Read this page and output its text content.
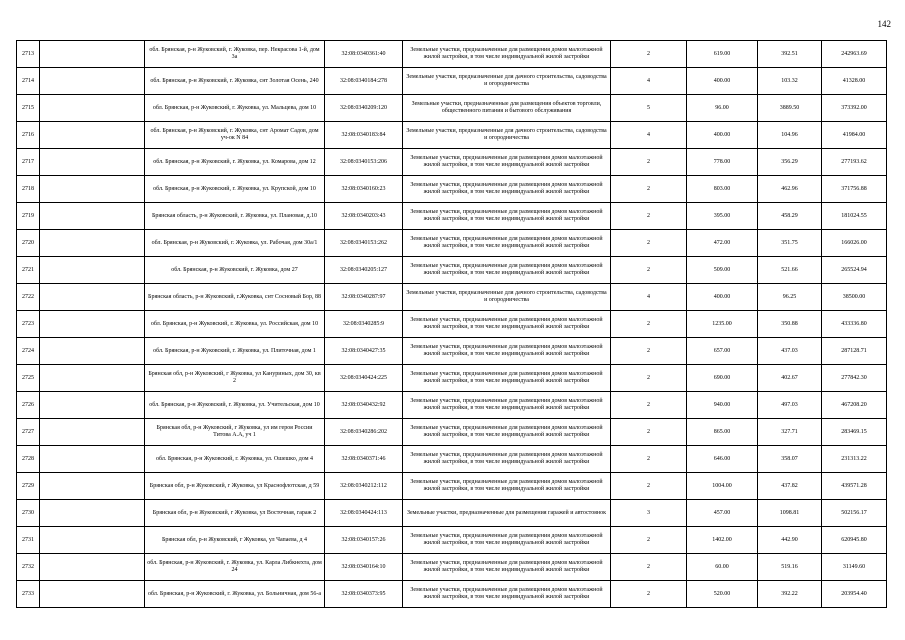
142
2713		обл. Брянская, р-н Жуковский, г. Жуковка, пер. Некрасова 1-й, дом 3а	32:08:0340361:40	Земельные участки, предназначенные для размещения домов малоэтажной жилой застройки, в том числе индивидуальной жилой застройки	2	619.00	392.51	242963.69
2714		обл. Брянская, р-н Жуковский, г. Жуковка, снт Золотая Осень, 240	32:08:0340184:278	Земельные участки, предназначенные для дачного строительства, садоводства и огородничества	4	400.00	103.32	41328.00
2715		обл. Брянская, р-н Жуковский, г. Жуковка, ул. Мальцева, дом 10	32:08:0340209:120	Земельные участки, предназначенные для размещения объектов торговли, общественного питания и бытового обслуживания	5	96.00	3889.50	373392.00
2716		обл. Брянская, р-н Жуковский, г. Жуковка, снт Аромат Садов, дом уч-ок N 84	32:08:0340183:84	Земельные участки, предназначенные для дачного строительства, садоводства и огородничества	4	400.00	104.96	41984.00
2717		обл. Брянская, р-н Жуковский, г. Жуковка, ул. Комарова, дом 12	32:08:0340153:206	Земельные участки, предназначенные для размещения домов малоэтажной жилой застройки, в том числе индивидуальной жилой застройки	2	778.00	356.29	277193.62
2718		обл. Брянская, р-н Жуковский, г. Жуковка, ул. Крупской, дом 10	32:08:0340160:23	Земельные участки, предназначенные для размещения домов малоэтажной жилой застройки, в том числе индивидуальной жилой застройки	2	803.00	462.96	371756.88
2719		Брянская область, р-н Жуковский, г. Жуковка, ул. Плановая, д.10	32:08:0340203:43	Земельные участки, предназначенные для размещения домов малоэтажной жилой застройки, в том числе индивидуальной жилой застройки	2	395.00	458.29	181024.55
2720		обл. Брянская, р-н Жуковский, г. Жуковка, ул. Рабочая, дом 30а/1	32:08:0340153:262	Земельные участки, предназначенные для размещения домов малоэтажной жилой застройки, в том числе индивидуальной жилой застройки	2	472.00	351.75	166026.00
2721		обл. Брянская, р-н Жуковский, г. Жуковка, дом 27	32:08:0340205:127	Земельные участки, предназначенные для размещения домов малоэтажной жилой застройки, в том числе индивидуальной жилой застройки	2	509.00	521.66	265524.94
2722		Брянская область, р-н Жуковский, г.Жуковка, снт Сосновый Бор, 88	32:08:0340287:97	Земельные участки, предназначенные для дачного строительства, садоводства и огородничества	4	400.00	96.25	38500.00
2723		обл. Брянская, р-н Жуковский, г. Жуковка, ул. Российская, дом 10	32:08:0340285:9	Земельные участки, предназначенные для размещения домов малоэтажной жилой застройки, в том числе индивидуальной жилой застройки	2	1235.00	350.88	433336.80
2724		обл. Брянская, р-н Жуковский, г. Жуковка, ул. Плиточная, дом 1	32:08:0340427:35	Земельные участки, предназначенные для размещения домов малоэтажной жилой застройки, в том числе индивидуальной жилой застройки	2	657.00	437.03	287128.71
2725		Брянская обл, р-н Жуковский, г Жуковка, ул Кануриных, дом 30, кв 2	32:08:0340424:225	Земельные участки, предназначенные для размещения домов малоэтажной жилой застройки, в том числе индивидуальной жилой застройки	2	690.00	402.67	277842.30
2726		обл. Брянская, р-н Жуковский, г. Жуковка, ул. Учительская, дом 10	32:08:0340432:92	Земельные участки, предназначенные для размещения домов малоэтажной жилой застройки, в том числе индивидуальной жилой застройки	2	940.00	497.03	467208.20
2727		Брянская обл, р-н Жуковский, г Жуковка, ул им героя России Титова А.А, уч 1	32:08:0340286:202	Земельные участки, предназначенные для размещения домов малоэтажной жилой застройки, в том числе индивидуальной жилой застройки	2	865.00	327.71	283469.15
2728		обл. Брянская, р-н Жуковский, г. Жуковка, ул. Ошешко, дом 4	32:08:0340371:46	Земельные участки, предназначенные для размещения домов малоэтажной жилой застройки, в том числе индивидуальной жилой застройки	2	646.00	358.07	231313.22
2729		Брянская обл, р-н Жуковский, г Жуковка, ул Краснофлотская, д 59	32:08:0340212:112	Земельные участки, предназначенные для размещения домов малоэтажной жилой застройки, в том числе индивидуальной жилой застройки	2	1004.00	437.82	439571.28
2730		Брянская обл, р-н Жуковский, г Жуковка, ул Восточная, гараж 2	32:08:0340424:113	Земельные участки, предназначенные для размещения гаражей и автостоянок	3	457.00	1098.81	502156.17
2731		Брянская обл, р-н Жуковский, г Жуковка, ул Чапаева, д 4	32:08:0340157:26	Земельные участки, предназначенные для размещения домов малоэтажной жилой застройки, в том числе индивидуальной жилой застройки	2	1402.00	442.90	620945.80
2732		обл. Брянская, р-н Жуковский, г. Жуковка, ул. Карла Либкнехта, дом 24	32:08:0340164:10	Земельные участки, предназначенные для размещения домов малоэтажной жилой застройки, в том числе индивидуальной жилой застройки	2	60.00	519.16	31149.60
2733		обл. Брянская, р-н Жуковский, г. Жуковка, ул. Больничная, дом 56-а	32:08:0340373:95	Земельные участки, предназначенные для размещения домов малоэтажной жилой застройки, в том числе индивидуальной жилой застройки	2	520.00	392.22	203954.40
